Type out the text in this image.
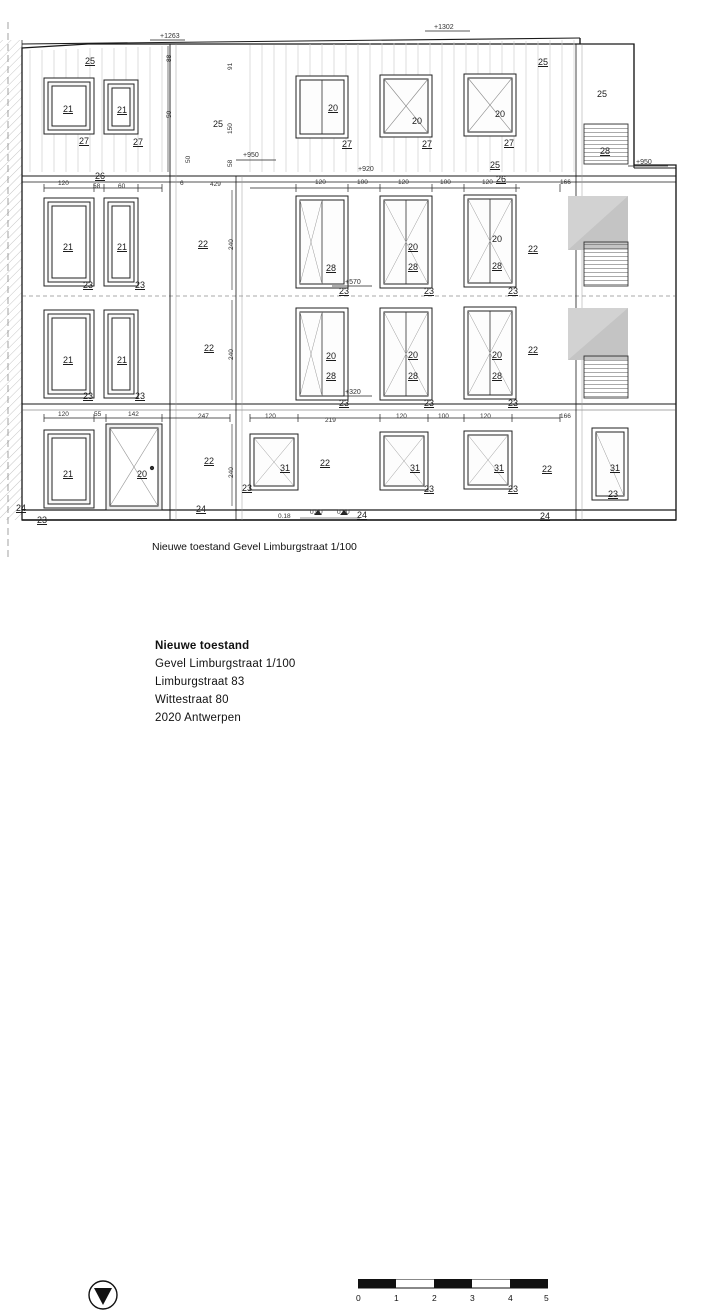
+1263
+1302
+950
+950
+920
+570
+320
25	25
25
25
21	21
27	27
25
20
20
20
27	27	27
28
26	26
21	21	22	20
20
22
28	28	28
23	23
23	23	23
21	21
22
20	20	20	22
28	28	28
23	23
23	23	23
21	20
22
31	22	31	31	22	31
23	23	23	23
24
23
24
24	24
120	58	60	6	429	120	100	120	100	120	166
120	55	142	247	120
219
120	100	120	166
0.18
0.00 0.00
88
91
50
50
150
58
240
240
240
Nieuwe toestand Gevel Limburgstraat 1/100
Nieuwe toestand
Gevel Limburgstraat 1/100
Limburgstraat 83
Wittestraat 80
2020 Antwerpen
0	1	2	3	4	5
